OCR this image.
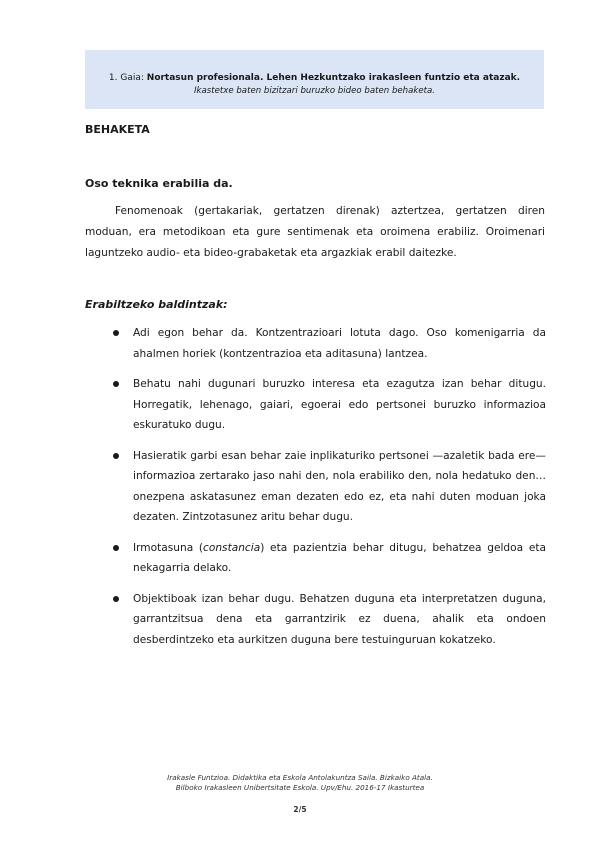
1. Gaia: Nortasun profesionala. Lehen Hezkuntzako irakasleen funtzio eta atazak.
Ikastetxe baten bizitzari buruzko bideo baten behaketa.
BEHAKETA
Oso teknika erabilia da.
Fenomenoak (gertakariak, gertatzen direnak) aztertzea, gertatzen diren moduan, era metodikoan eta gure sentimenak eta oroimena erabiliz. Oroimenari laguntzeko audio- eta bideo-grabaketak eta argazkiak erabil daitezke.
Erabiltzeko baldintzak:
Adi egon behar da. Kontzentrazioari lotuta dago. Oso komenigarria da ahalmen horiek (kontzentrazioa eta aditasuna) lantzea.
Behatu nahi dugunari buruzko interesa eta ezagutza izan behar ditugu. Horregatik, lehenago, gaiari, egoerai edo pertsonei buruzko informazioa eskuratuko dugu.
Hasieratik garbi esan behar zaie inplikaturiko pertsonei —azaletik bada ere— informazioa zertarako jaso nahi den, nola erabiliko den, nola hedatuko den… onezpena askatasunez eman dezaten edo ez, eta nahi duten moduan joka dezaten. Zintzotasunez aritu behar dugu.
Irmotasuna (constancia) eta pazientzia behar ditugu, behatzea geldoa eta nekagarria delako.
Objektiboak izan behar dugu. Behatzen duguna eta interpretatzen duguna, garrantzitsua dena eta garrantzirik ez duena, ahalik eta ondoen desberdintzeko eta aurkitzen duguna bere testuinguruan kokatzeko.
Irakasle Funtzioa. Didaktika eta Eskola Antolakuntza Saila. Bizkaiko Atala.
Bilboko Irakasleen Unibertsitate Eskola. Upv/Ehu. 2016-17 Ikasturtea
2/5
